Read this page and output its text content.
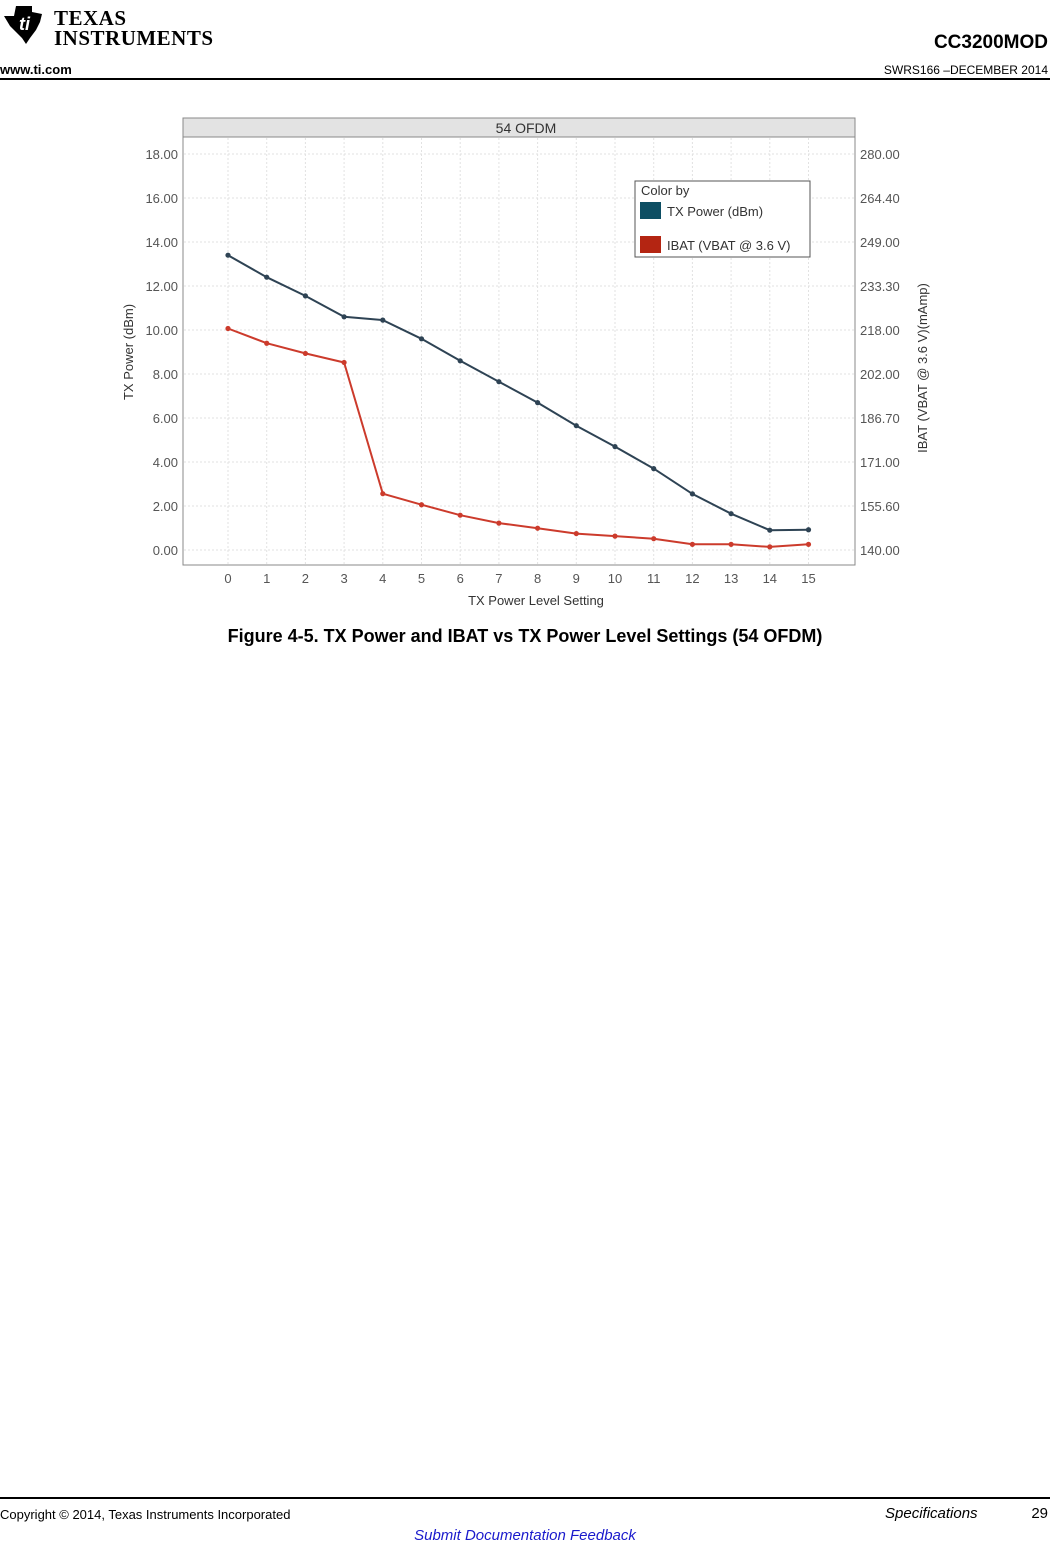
ti TEXAS
INSTRUMENTS	CC3200MOD
www.ti.com	SWRS166 –DECEMBER 2014
54 OFDM
0.00
2.00
4.00
6.00
8.00
10.00
12.00
14.00
16.00
18.00
140.00
155.60
171.00
186.70
202.00
218.00
233.30
249.00
264.40
280.00
0 1 2 3 4 5 6 7 8 9 10 11 12 13 14 15
TX Power Level Setting
TX Power (dBm)	IBAT (VBAT @ 3.6 V)(mAmp)
Color by
TX Power (dBm)
IBAT (VBAT @ 3.6 V)
Figure 4-5. TX Power and IBAT vs TX Power Level Settings (54 OFDM)
Copyright © 2014, Texas Instruments Incorporated	Specifications	29
Submit Documentation Feedback
